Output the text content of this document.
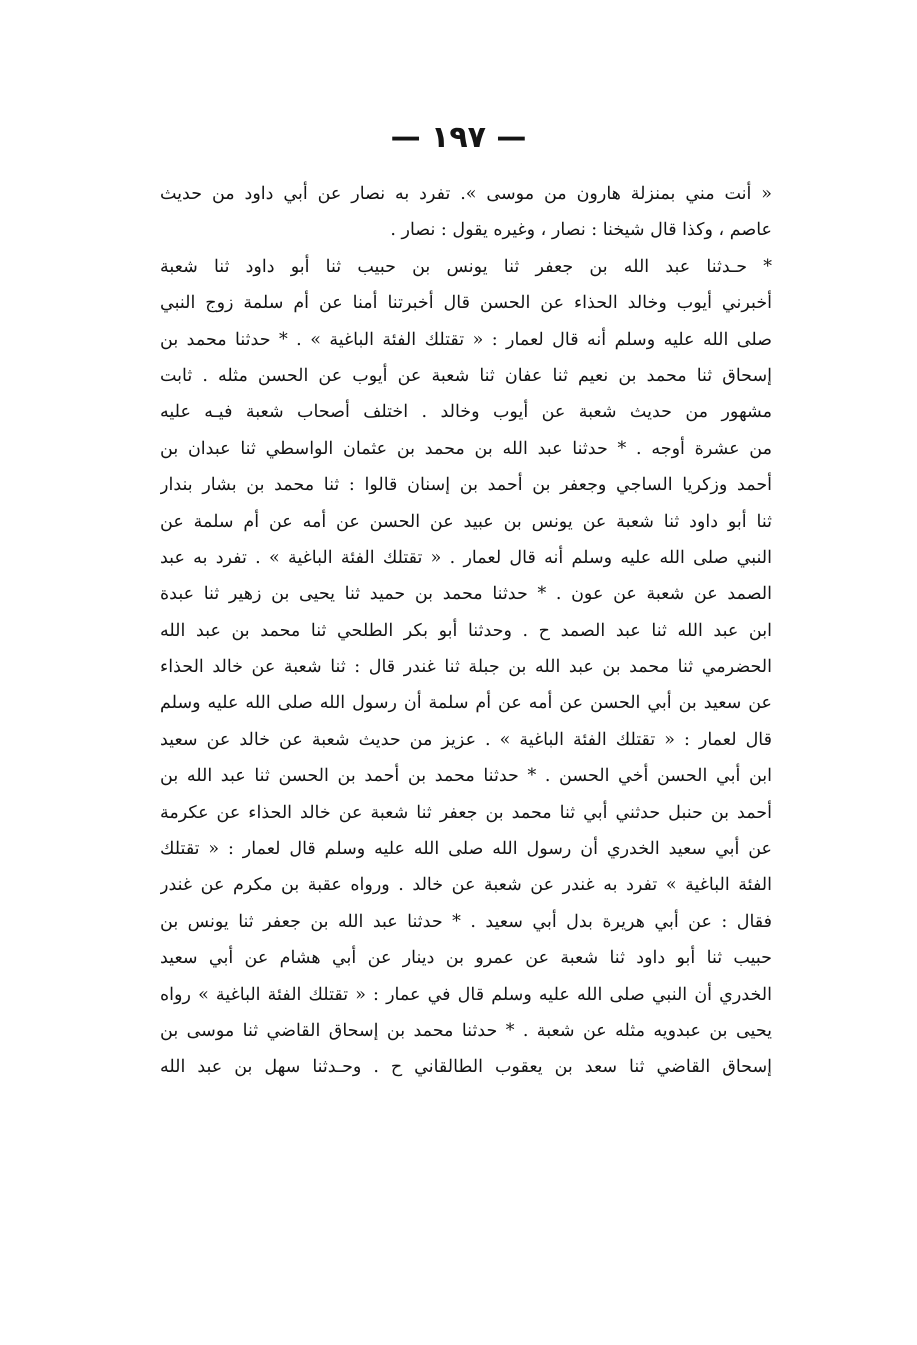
— ١٩٧ —
« أنت مني بمنزلة هارون من موسى ». تفرد به نصار عن أبي داود من حديث
عاصم ، وكذا قال شيخنا : نصار ، وغيره يقول : نصار .
* حـدثنا عبد الله بن جعفر ثنا يونس بن حبيب ثنا أبو داود ثنا شعبة
أخبرني أيوب وخالد الحذاء عن الحسن قال أخبرتنا أمنا عن أم سلمة زوج النبي
صلى الله عليه وسلم أنه قال لعمار : « تقتلك الفئة الباغية » . * حدثنا محمد بن
إسحاق ثنا محمد بن نعيم ثنا عفان ثنا شعبة عن أيوب عن الحسن مثله . ثابت
مشهور من حديث شعبة عن أيوب وخالد . اختلف أصحاب شعبة فيـه عليه
من عشرة أوجه . * حدثنا عبد الله بن محمد بن عثمان الواسطي ثنا عبدان بن
أحمد وزكريا الساجي وجعفر بن أحمد بن إسنان قالوا : ثنا محمد بن بشار بندار
ثنا أبو داود ثنا شعبة عن يونس بن عبيد عن الحسن عن أمه عن أم سلمة عن
النبي صلى الله عليه وسلم أنه قال لعمار . « تقتلك الفئة الباغية » . تفرد به عبد
الصمد عن شعبة عن عون . * حدثنا محمد بن حميد ثنا يحيى بن زهير ثنا عبدة
ابن عبد الله ثنا عبد الصمد ح . وحدثنا أبو بكر الطلحي ثنا محمد بن عبد الله
الحضرمي ثنا محمد بن عبد الله بن جبلة ثنا غندر قال : ثنا شعبة عن خالد الحذاء
عن سعيد بن أبي الحسن عن أمه عن أم سلمة أن رسول الله صلى الله عليه وسلم
قال لعمار : « تقتلك الفئة الباغية » . عزيز من حديث شعبة عن خالد عن سعيد
ابن أبي الحسن أخي الحسن . * حدثنا محمد بن أحمد بن الحسن ثنا عبد الله بن
أحمد بن حنبل حدثني أبي ثنا محمد بن جعفر ثنا شعبة عن خالد الحذاء عن عكرمة
عن أبي سعيد الخدري أن رسول الله صلى الله عليه وسلم قال لعمار : « تقتلك
الفئة الباغية » تفرد به غندر عن شعبة عن خالد . ورواه عقبة بن مكرم عن غندر
فقال : عن أبي هريرة بدل أبي سعيد . * حدثنا عبد الله بن جعفر ثنا يونس بن
حبيب ثنا أبو داود ثنا شعبة عن عمرو بن دينار عن أبي هشام عن أبي سعيد
الخدري أن النبي صلى الله عليه وسلم قال في عمار : « تقتلك الفئة الباغية » رواه
يحيى بن عبدويه مثله عن شعبة . * حدثنا محمد بن إسحاق القاضي ثنا موسى بن
إسحاق القاضي ثنا سعد بن يعقوب الطالقاني ح . وحـدثنا سهل بن عبد الله
